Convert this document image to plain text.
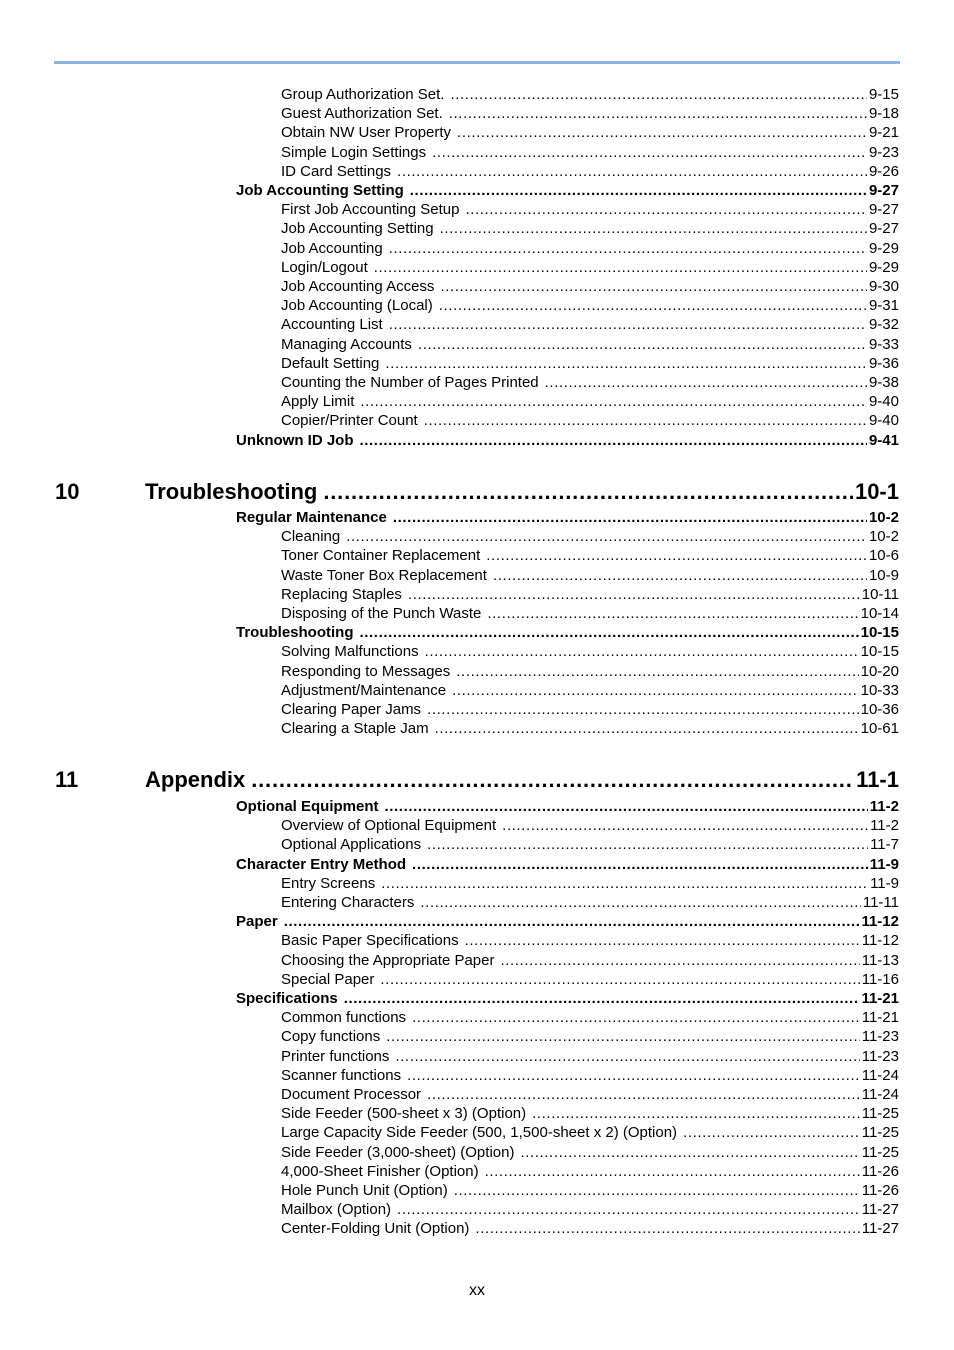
Group Authorization Set. .....	9-15
Guest Authorization Set. .....	9-18
Obtain NW User Property .....	9-21
Simple Login Settings .....	9-23
ID Card Settings .....	9-26
Job Accounting Setting .....	9-27
First Job Accounting Setup .....	9-27
Job Accounting Setting .....	9-27
Job Accounting .....	9-29
Login/Logout .....	9-29
Job Accounting Access .....	9-30
Job Accounting (Local) .....	9-31
Accounting List .....	9-32
Managing Accounts .....	9-33
Default Setting .....	9-36
Counting the Number of Pages Printed .....	9-38
Apply Limit .....	9-40
Copier/Printer Count .....	9-40
Unknown ID Job .....	9-41
10	Troubleshooting .....	10-1
Regular Maintenance .....	10-2
Cleaning .....	10-2
Toner Container Replacement .....	10-6
Waste Toner Box Replacement .....	10-9
Replacing Staples .....	10-11
Disposing of the Punch Waste .....	10-14
Troubleshooting .....	10-15
Solving Malfunctions .....	10-15
Responding to Messages .....	10-20
Adjustment/Maintenance .....	10-33
Clearing Paper Jams .....	10-36
Clearing a Staple Jam .....	10-61
11	Appendix .....	11-1
Optional Equipment .....	11-2
Overview of Optional Equipment .....	11-2
Optional Applications .....	11-7
Character Entry Method .....	11-9
Entry Screens .....	11-9
Entering Characters .....	11-11
Paper .....	11-12
Basic Paper Specifications .....	11-12
Choosing the Appropriate Paper .....	11-13
Special Paper .....	11-16
Specifications .....	11-21
Common functions .....	11-21
Copy functions .....	11-23
Printer functions .....	11-23
Scanner functions .....	11-24
Document Processor .....	11-24
Side Feeder (500-sheet x 3) (Option) .....	11-25
Large Capacity Side Feeder (500, 1,500-sheet x 2) (Option) .....	11-25
Side Feeder (3,000-sheet) (Option) .....	11-25
4,000-Sheet Finisher (Option) .....	11-26
Hole Punch Unit (Option) .....	11-26
Mailbox (Option) .....	11-27
Center-Folding Unit (Option) .....	11-27
xx
